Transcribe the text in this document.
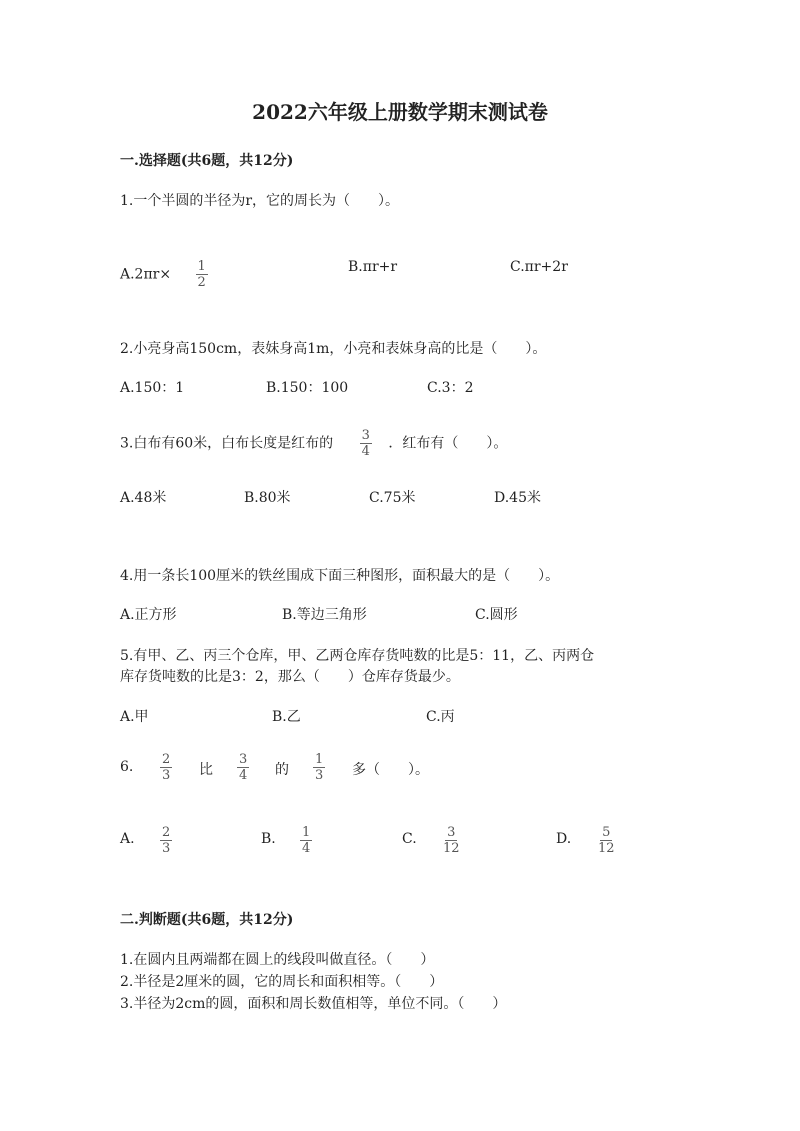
2022六年级上册数学期末测试卷
一.选择题(共6题，共12分)
1.一个半圆的半径为r，它的周长为（　　）。
$A.2\pi r\times \frac{1}{2}$	B.πr+r	C.πr+2r
2.小亮身高150cm，表妹身高1m，小亮和表妹身高的比是（　　）。
A.150：1	B.150：100	C.3：2
3.白布有60米，白布长度是红布的 $\frac{3}{4}$ ．红布有（　　）。
A.48米	B.80米	C.75米	D.45米
4.用一条长100厘米的铁丝围成下面三种图形，面积最大的是（　　）。
A.正方形	B.等边三角形	C.圆形
5.有甲、乙、丙三个仓库，甲、乙两仓库存货吨数的比是5：11，乙、丙两仓
库存货吨数的比是3：2，那么（　　）仓库存货最少。
A.甲	B.乙	C.丙
6. $\frac{2}{3}$ 比 $\frac{3}{4}$ 的 $\frac{1}{3}$ 多（　　）。
A. $\frac{2}{3}$	B. $\frac{1}{4}$	C. $\frac{3}{12}$	D. $\frac{5}{12}$
二.判断题(共6题，共12分)
1.在圆内且两端都在圆上的线段叫做直径。（　　）
2.半径是2厘米的圆，它的周长和面积相等。（　　）
3.半径为2cm的圆，面积和周长数值相等，单位不同。（　　）
